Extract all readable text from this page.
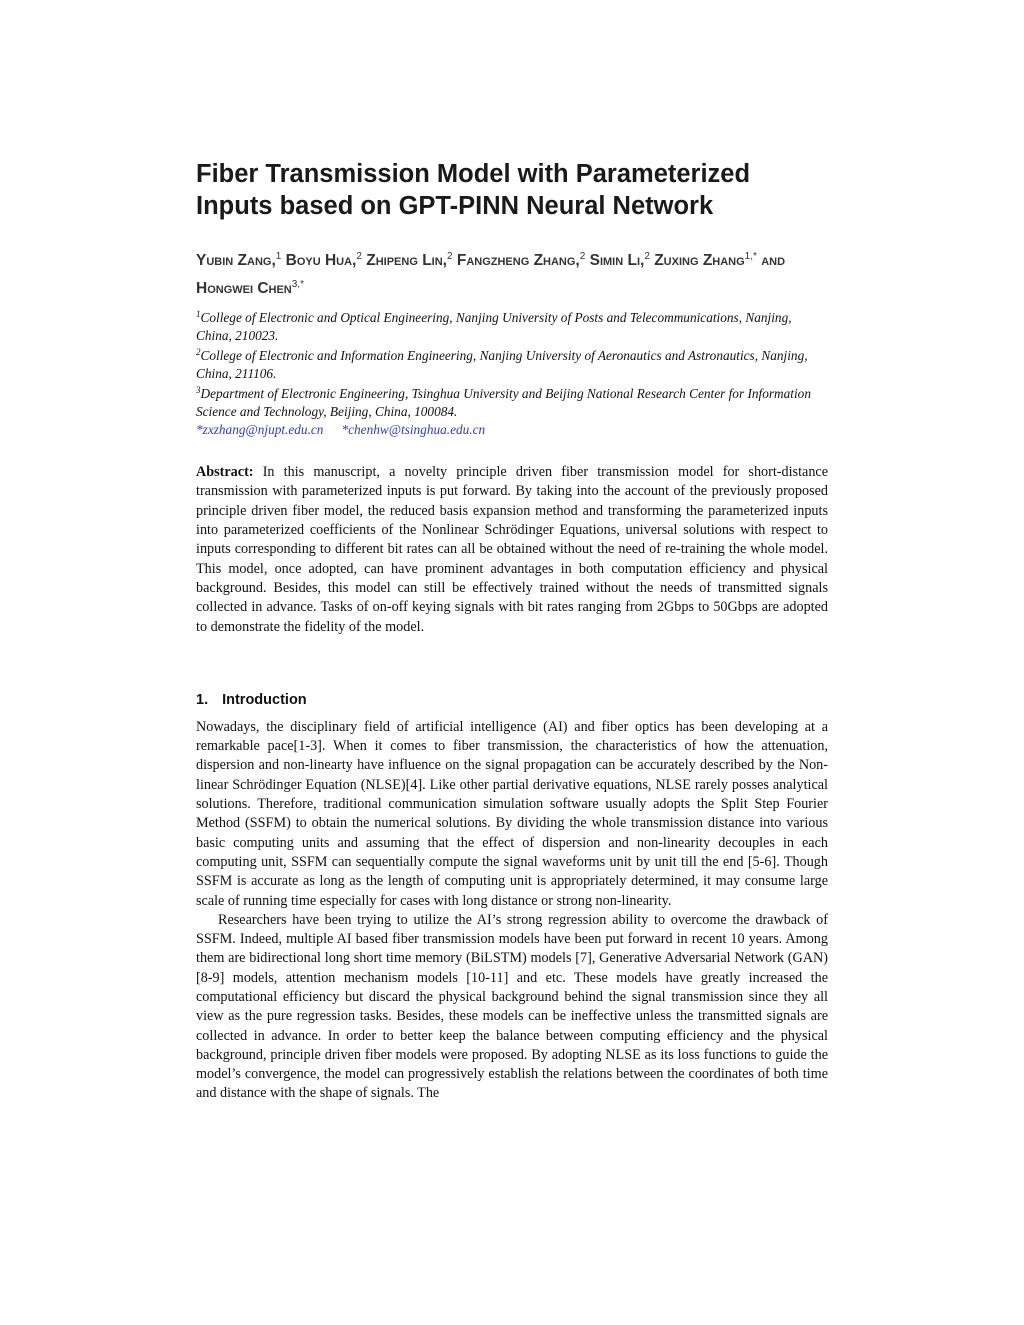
Fiber Transmission Model with Parameterized
Inputs based on GPT-PINN Neural Network
Yubin Zang,$^1$ Boyu Hua,$^2$ Zhipeng Lin,$^2$ Fangzheng Zhang,$^2$ Simin Li,$^2$ Zuxing Zhang$^{1,*}$ and Hongwei Chen$^{3,*}$
$^1$College of Electronic and Optical Engineering, Nanjing University of Posts and Telecommunications, Nanjing, China, 210023.
$^2$College of Electronic and Information Engineering, Nanjing University of Aeronautics and Astronautics, Nanjing, China, 211106.
$^3$Department of Electronic Engineering, Tsinghua University and Beijing National Research Center for Information Science and Technology, Beijing, China, 100084.
*zxzhang@njupt.edu.cn *chenhw@tsinghua.edu.cn

Abstract: In this manuscript, a novelty principle driven fiber transmission model for short-distance transmission with parameterized inputs is put forward. By taking into the account of the previously proposed principle driven fiber model, the reduced basis expansion method and transforming the parameterized inputs into parameterized coefficients of the Nonlinear Schrödinger Equations, universal solutions with respect to inputs corresponding to different bit rates can all be obtained without the need of re-training the whole model. This model, once adopted, can have prominent advantages in both computation efficiency and physical background. Besides, this model can still be effectively trained without the needs of transmitted signals collected in advance. Tasks of on-off keying signals with bit rates ranging from 2Gbps to 50Gbps are adopted to demonstrate the fidelity of the model.

1. Introduction

Nowadays, the disciplinary field of artificial intelligence (AI) and fiber optics has been developing at a remarkable pace[1-3]. When it comes to fiber transmission, the characteristics of how the attenuation, dispersion and non-linearty have influence on the signal propagation can be accurately described by the Non-linear Schrödinger Equation (NLSE)[4]. Like other partial derivative equations, NLSE rarely posses analytical solutions. Therefore, traditional communication simulation software usually adopts the Split Step Fourier Method (SSFM) to obtain the numerical solutions. By dividing the whole transmission distance into various basic computing units and assuming that the effect of dispersion and non-linearity decouples in each computing unit, SSFM can sequentially compute the signal waveforms unit by unit till the end [5-6]. Though SSFM is accurate as long as the length of computing unit is appropriately determined, it may consume large scale of running time especially for cases with long distance or strong non-linearity.

Researchers have been trying to utilize the AI’s strong regression ability to overcome the drawback of SSFM. Indeed, multiple AI based fiber transmission models have been put forward in recent 10 years. Among them are bidirectional long short time memory (BiLSTM) models [7], Generative Adversarial Network (GAN) [8-9] models, attention mechanism models [10-11] and etc. These models have greatly increased the computational efficiency but discard the physical background behind the signal transmission since they all view as the pure regression tasks. Besides, these models can be ineffective unless the transmitted signals are collected in advance. In order to better keep the balance between computing efficiency and the physical background, principle driven fiber models were proposed. By adopting NLSE as its loss functions to guide the model’s convergence, the model can progressively establish the relations between the coordinates of both time and distance with the shape of signals. The
